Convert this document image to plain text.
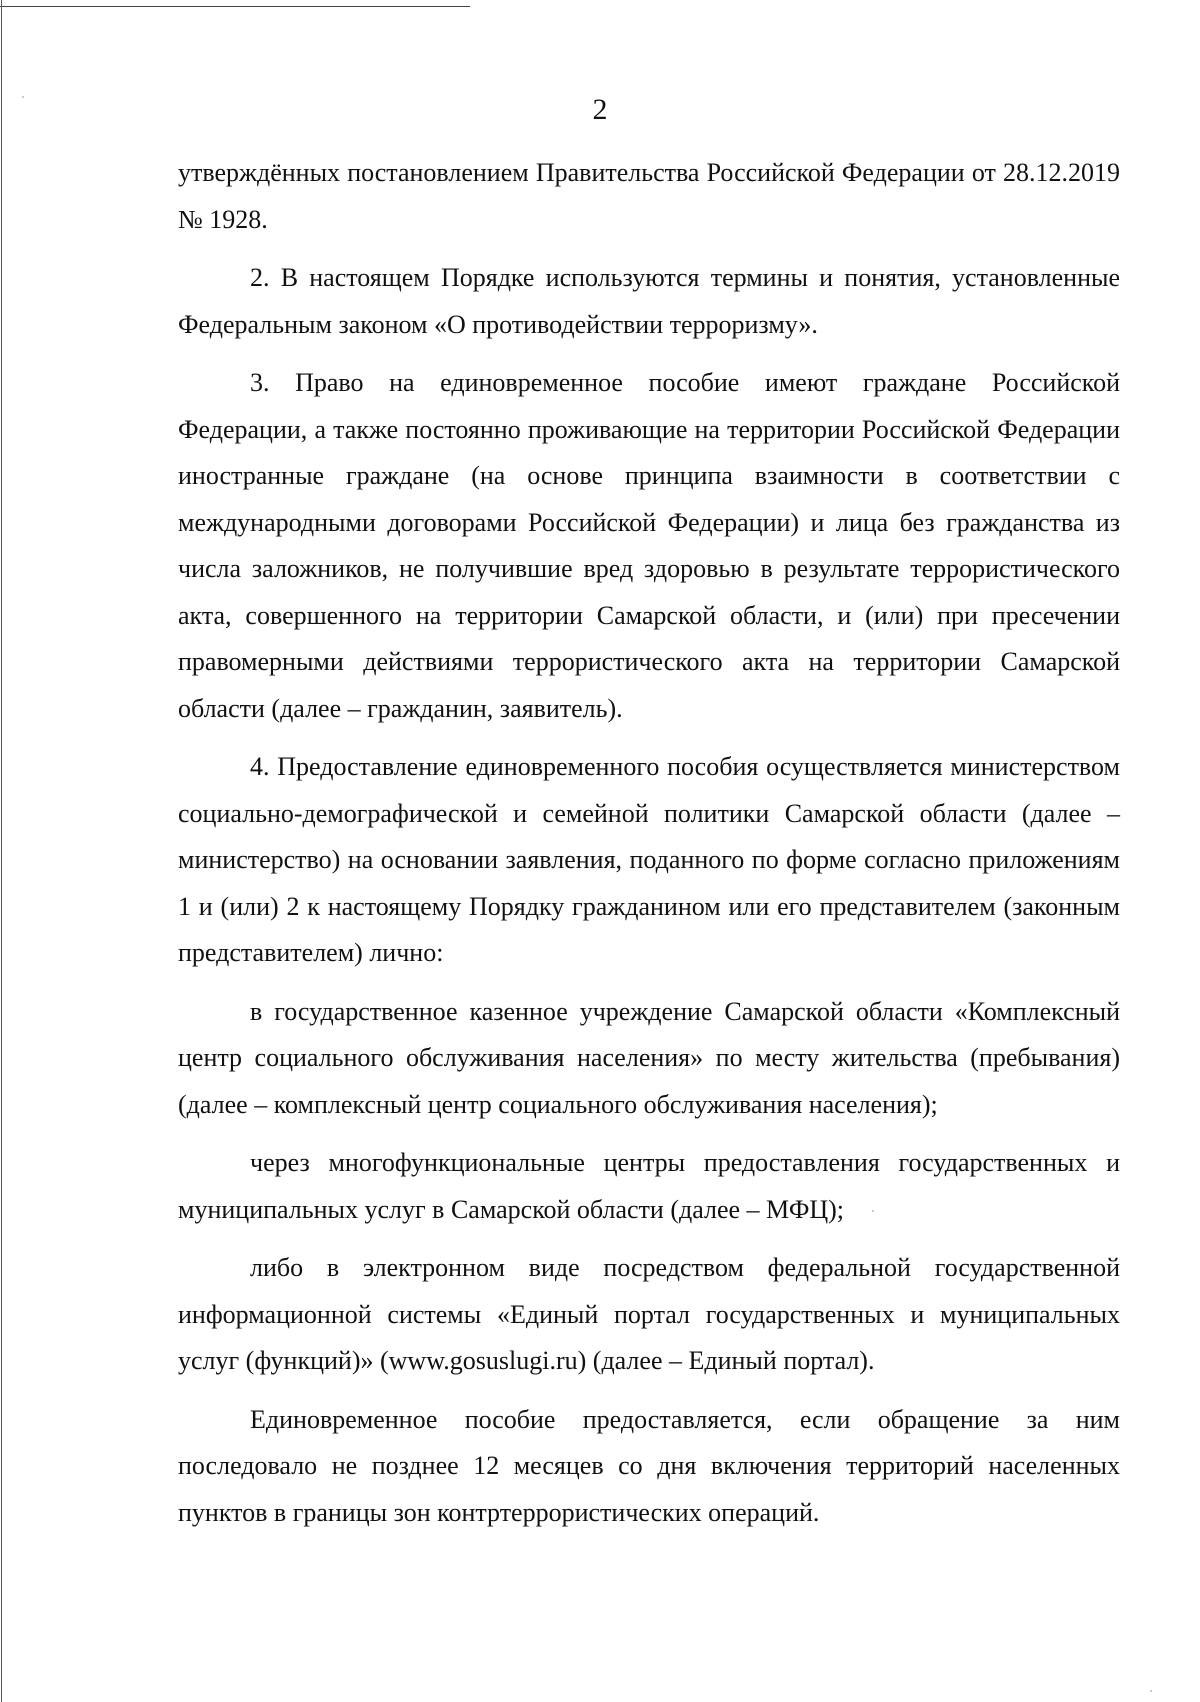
2

утверждённых постановлением Правительства Российской Федерации от 28.12.2019 № 1928.

2. В настоящем Порядке используются термины и понятия, установленные Федеральным законом «О противодействии терроризму».

3. Право на единовременное пособие имеют граждане Российской Федерации, а также постоянно проживающие на территории Российской Федерации иностранные граждане (на основе принципа взаимности в соответствии с международными договорами Российской Федерации) и лица без гражданства из числа заложников, не получившие вред здоровью в результате террористического акта, совершенного на территории Самарской области, и (или) при пресечении правомерными действиями террористического акта на территории Самарской области (далее – гражданин, заявитель).

4. Предоставление единовременного пособия осуществляется министерством социально-демографической и семейной политики Самарской области (далее – министерство) на основании заявления, поданного по форме согласно приложениям 1 и (или) 2 к настоящему Порядку гражданином или его представителем (законным представителем) лично:

в государственное казенное учреждение Самарской области «Комплексный центр социального обслуживания населения» по месту жительства (пребывания) (далее – комплексный центр социального обслуживания населения);

через многофункциональные центры предоставления государственных и муниципальных услуг в Самарской области (далее – МФЦ);

либо в электронном виде посредством федеральной государственной информационной системы «Единый портал государственных и муниципальных услуг (функций)» (www.gosuslugi.ru) (далее – Единый портал).

Единовременное пособие предоставляется, если обращение за ним последовало не позднее 12 месяцев со дня включения территорий населенных пунктов в границы зон контртеррористических операций.
